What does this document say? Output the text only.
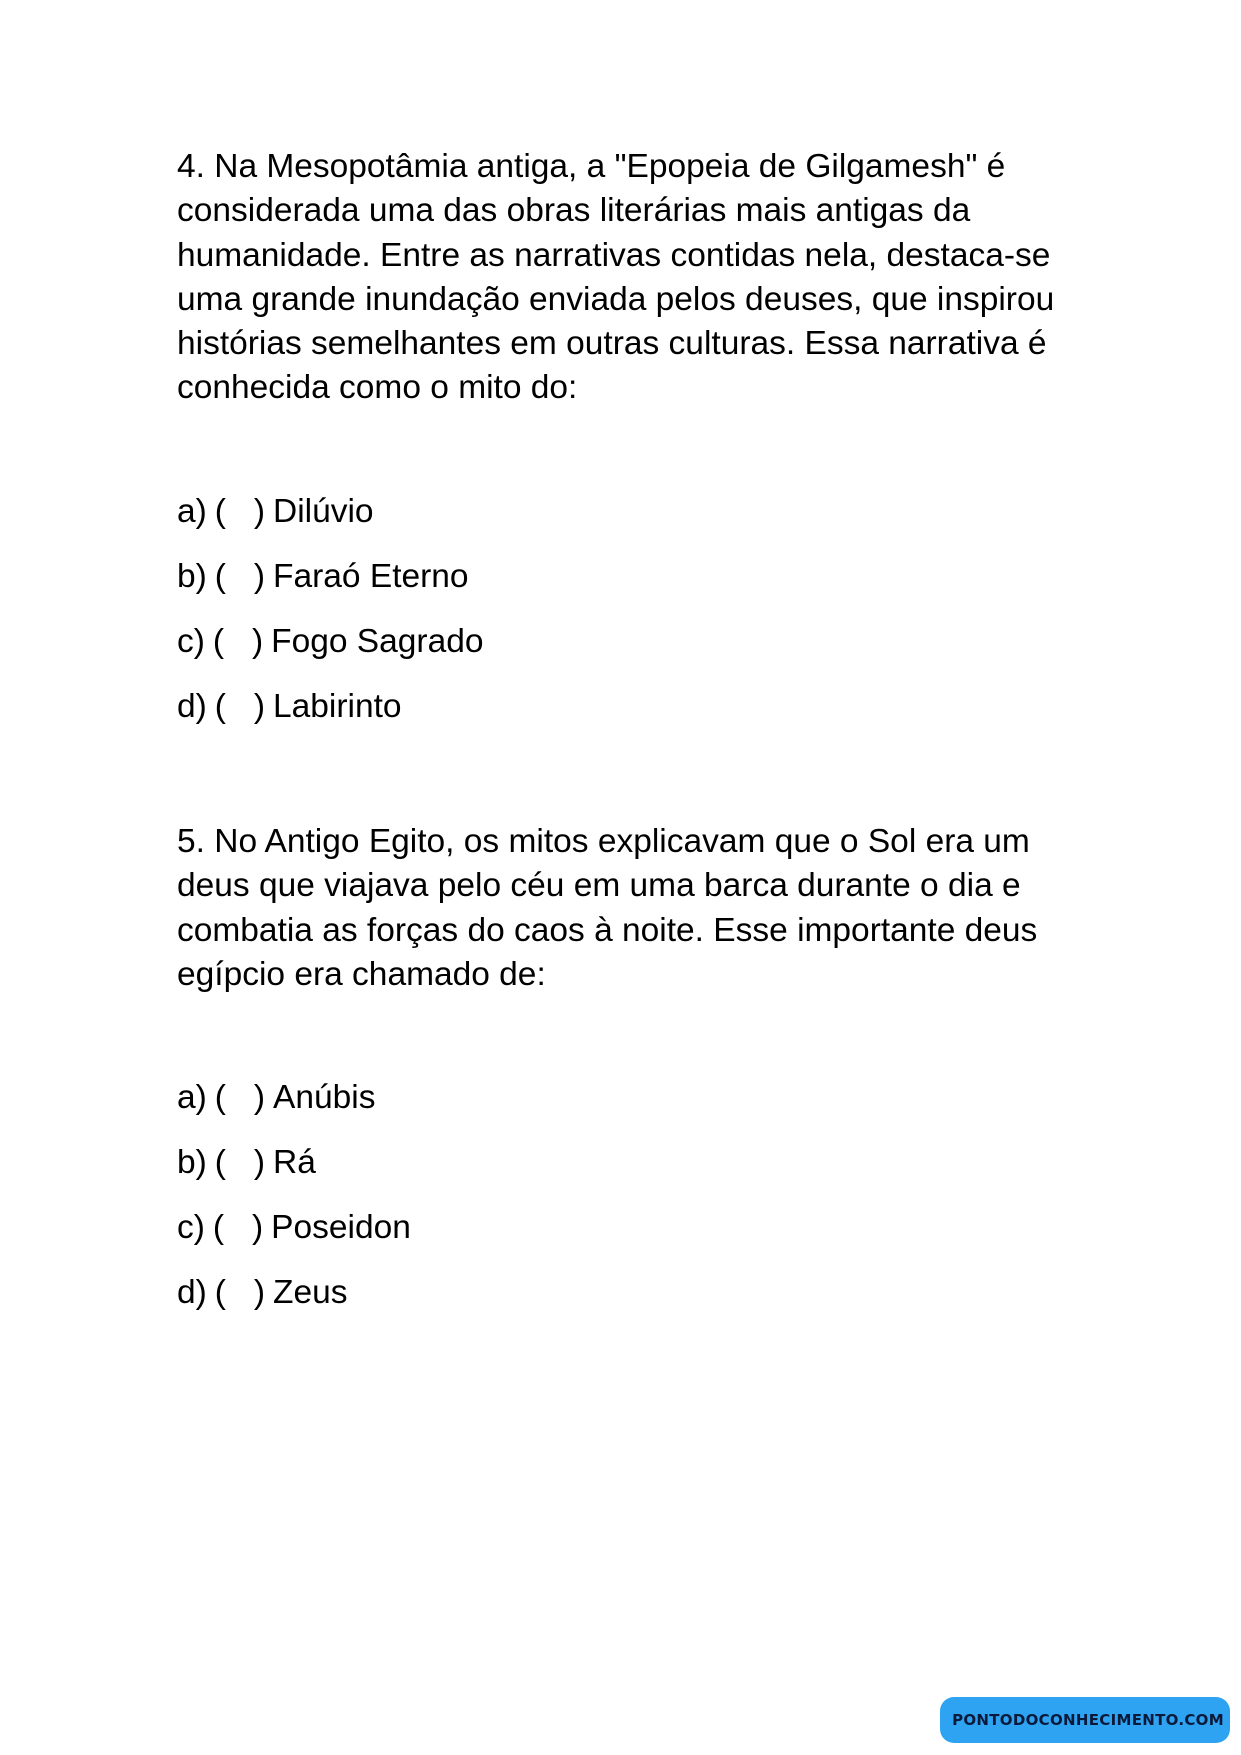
4. Na Mesopotâmia antiga, a "Epopeia de Gilgamesh" é considerada uma das obras literárias mais antigas da humanidade. Entre as narrativas contidas nela, destaca-se uma grande inundação enviada pelos deuses, que inspirou histórias semelhantes em outras culturas. Essa narrativa é conhecida como o mito do:

a) (   ) Dilúvio
b) (   ) Faraó Eterno
c) (   ) Fogo Sagrado
d) (   ) Labirinto

5. No Antigo Egito, os mitos explicavam que o Sol era um deus que viajava pelo céu em uma barca durante o dia e combatia as forças do caos à noite. Esse importante deus egípcio era chamado de:

a) (   ) Anúbis
b) (   ) Rá
c) (   ) Poseidon
d) (   ) Zeus
PONTODOCONHECIMENTO.COM
